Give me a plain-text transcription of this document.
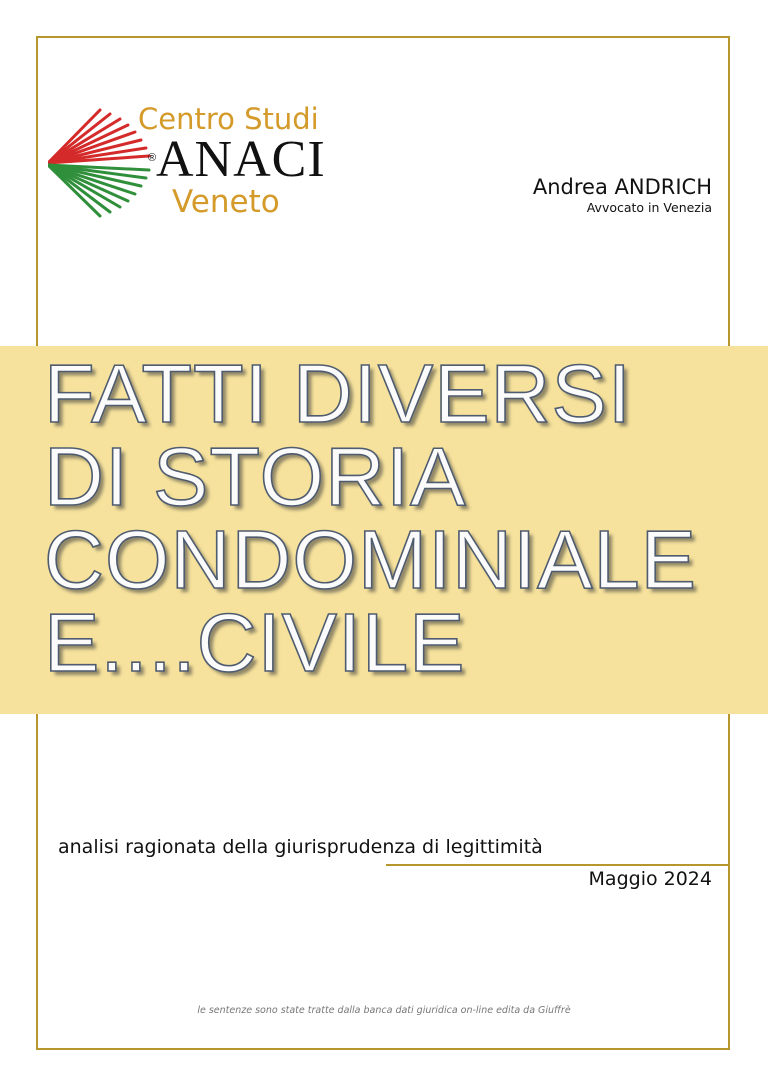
Centro Studi
® ANACI
Veneto	Andrea ANDRICH
Avvocato in Venezia
FATTI DIVERSI
DI STORIA
CONDOMINIALE
E....CIVILE
analisi ragionata della giurisprudenza di legittimità
Maggio 2024
le sentenze sono state tratte dalla banca dati giuridica on-line edita da Giuffrè
